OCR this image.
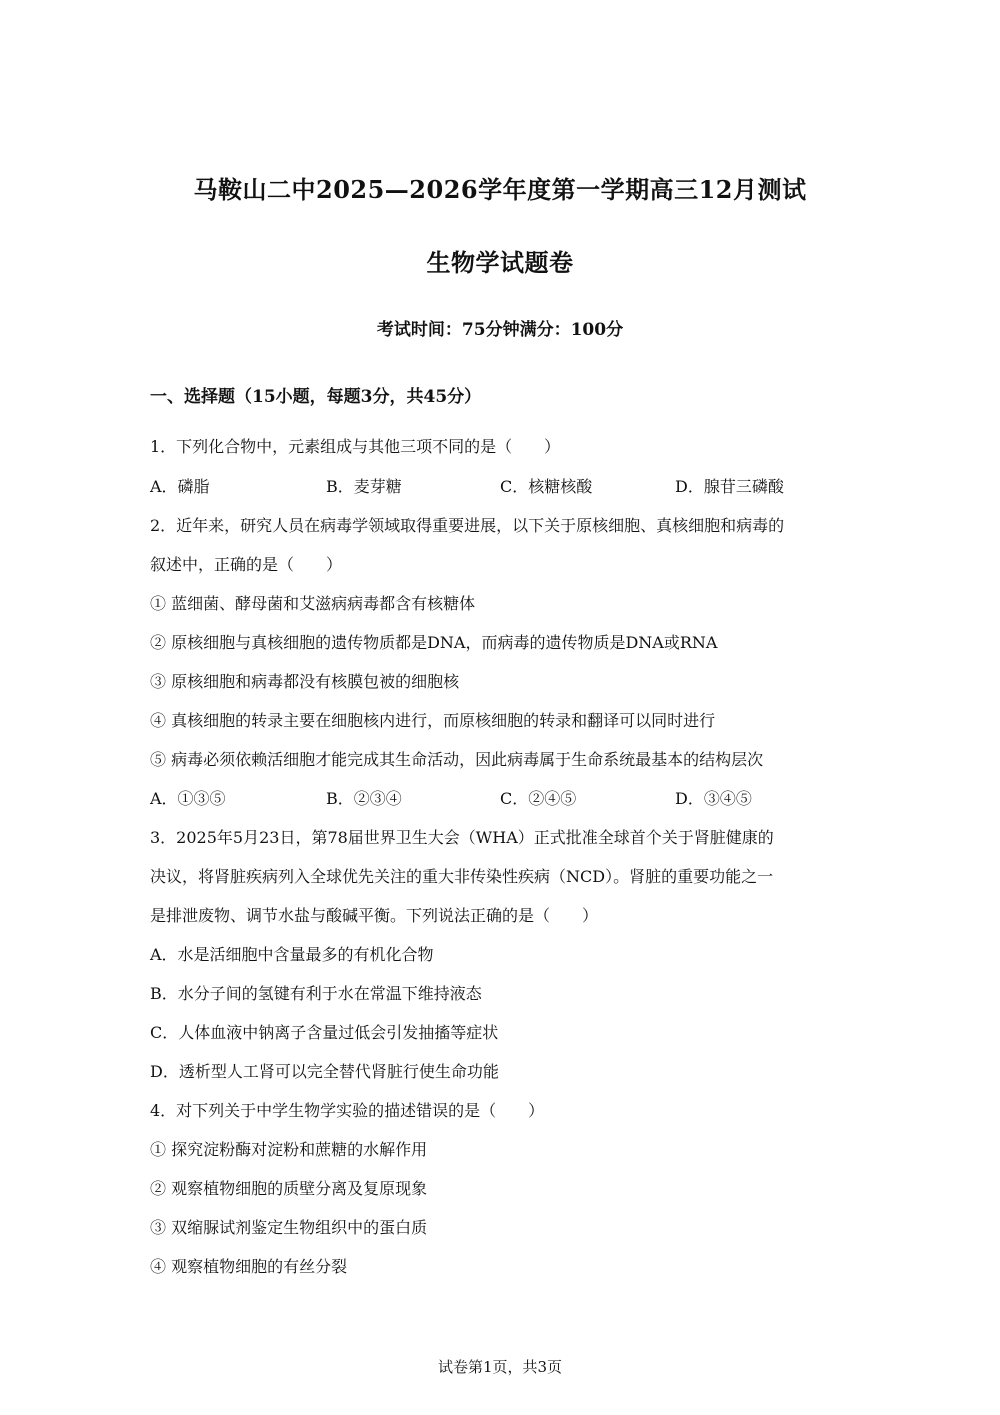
马鞍山二中2025—2026学年度第一学期高三12月测试
生物学试题卷
考试时间：75分钟满分：100分
一、选择题（15小题，每题3分，共45分）
1．下列化合物中，元素组成与其他三项不同的是（　　）
A．磷脂	B．麦芽糖	C．核糖核酸	D．腺苷三磷酸
2．近年来，研究人员在病毒学领域取得重要进展，以下关于原核细胞、真核细胞和病毒的
叙述中，正确的是（　　）
① 蓝细菌、酵母菌和艾滋病病毒都含有核糖体
② 原核细胞与真核细胞的遗传物质都是DNA，而病毒的遗传物质是DNA或RNA
③ 原核细胞和病毒都没有核膜包被的细胞核
④ 真核细胞的转录主要在细胞核内进行，而原核细胞的转录和翻译可以同时进行
⑤ 病毒必须依赖活细胞才能完成其生命活动，因此病毒属于生命系统最基本的结构层次
A．①③⑤	B．②③④	C．②④⑤	D．③④⑤
3．2025年5月23日，第78届世界卫生大会（WHA）正式批准全球首个关于肾脏健康的
决议，将肾脏疾病列入全球优先关注的重大非传染性疾病（NCD）。肾脏的重要功能之一
是排泄废物、调节水盐与酸碱平衡。下列说法正确的是（　　）
A．水是活细胞中含量最多的有机化合物
B．水分子间的氢键有利于水在常温下维持液态
C．人体血液中钠离子含量过低会引发抽搐等症状
D．透析型人工肾可以完全替代肾脏行使生命功能
4．对下列关于中学生物学实验的描述错误的是（　　）
① 探究淀粉酶对淀粉和蔗糖的水解作用
② 观察植物细胞的质壁分离及复原现象
③ 双缩脲试剂鉴定生物组织中的蛋白质
④ 观察植物细胞的有丝分裂
试卷第1页，共3页
